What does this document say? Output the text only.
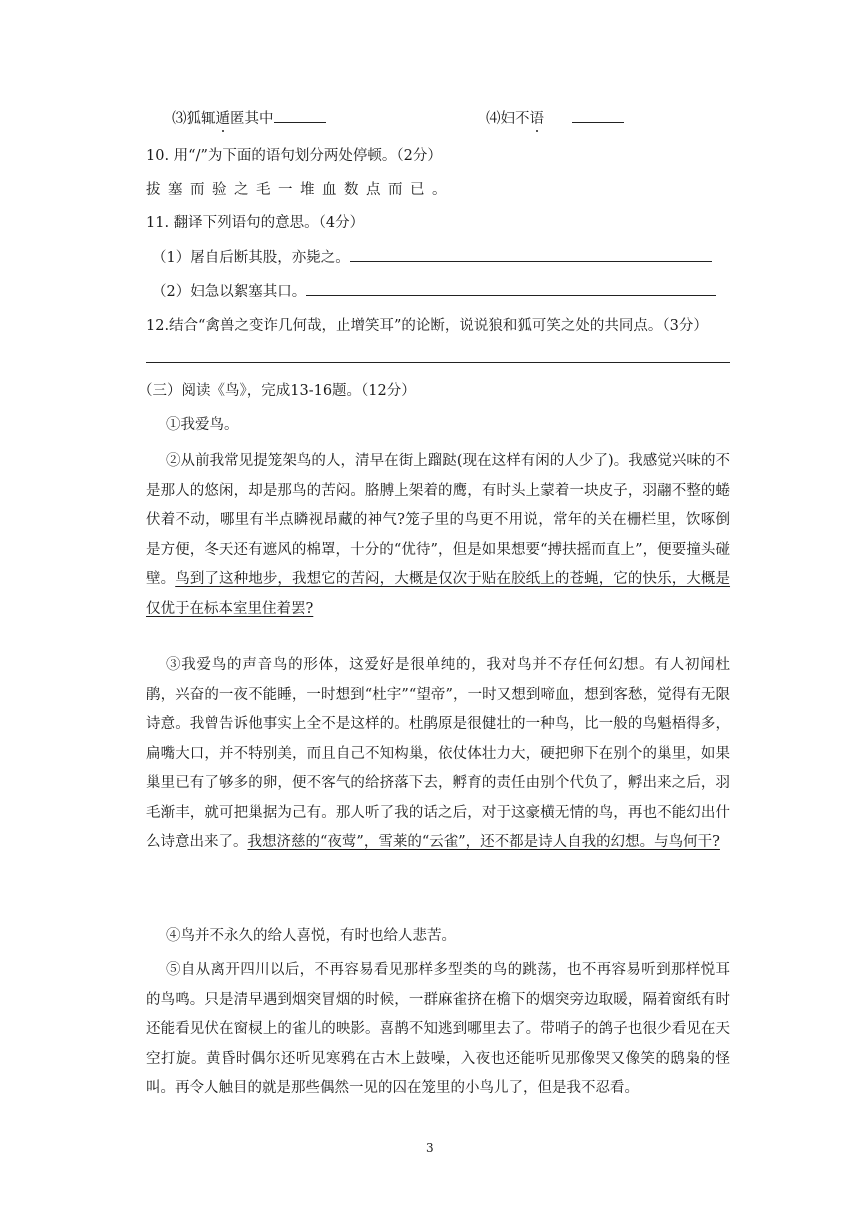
⑶狐辄遁匿其中	⑷妇不语
10. 用“/”为下面的语句划分两处停顿。（2分）
拔塞而验之毛一堆血数点而已。
11. 翻译下列语句的意思。（4分）
（1）屠自后断其股，亦毙之。
（2）妇急以絮塞其口。
12.结合“禽兽之变诈几何哉，止增笑耳”的论断，说说狼和狐可笑之处的共同点。（3分）
（三）阅读《鸟》，完成13-16题。（12分）
①我爱鸟。

②从前我常见提笼架鸟的人，清早在街上蹓跶(现在这样有闲的人少了)。我感觉兴味的不是那人的悠闲，却是那鸟的苦闷。胳膊上架着的鹰，有时头上蒙着一块皮子，羽翮不整的蜷伏着不动，哪里有半点瞵视昂藏的神气?笼子里的鸟更不用说，常年的关在栅栏里，饮啄倒是方便，冬天还有遮风的棉罩，十分的“优待”，但是如果想要“搏扶摇而直上”，便要撞头碰壁。鸟到了这种地步，我想它的苦闷，大概是仅次于贴在胶纸上的苍蝇，它的快乐，大概是仅优于在标本室里住着罢?

③我爱鸟的声音鸟的形体，这爱好是很单纯的，我对鸟并不存任何幻想。有人初闻杜鹃，兴奋的一夜不能睡，一时想到“杜宇”“望帝”，一时又想到啼血，想到客愁，觉得有无限诗意。我曾告诉他事实上全不是这样的。杜鹃原是很健壮的一种鸟，比一般的鸟魁梧得多，扁嘴大口，并不特别美，而且自己不知构巢，依仗体壮力大，硬把卵下在别个的巢里，如果巢里已有了够多的卵，便不客气的给挤落下去，孵育的责任由别个代负了，孵出来之后，羽毛渐丰，就可把巢据为己有。那人听了我的话之后，对于这豪横无情的鸟，再也不能幻出什么诗意出来了。我想济慈的“夜莺”，雪莱的“云雀”，还不都是诗人自我的幻想。与鸟何干?

④鸟并不永久的给人喜悦，有时也给人悲苦。
⑤自从离开四川以后，不再容易看见那样多型类的鸟的跳荡，也不再容易听到那样悦耳的鸟鸣。只是清早遇到烟突冒烟的时候，一群麻雀挤在檐下的烟突旁边取暖，隔着窗纸有时还能看见伏在窗棂上的雀儿的映影。喜鹊不知逃到哪里去了。带哨子的鸽子也很少看见在天空打旋。黄昏时偶尔还听见寒鸦在古木上鼓噪，入夜也还能听见那像哭又像笑的鸱枭的怪叫。再令人触目的就是那些偶然一见的囚在笼里的小鸟儿了，但是我不忍看。
3
